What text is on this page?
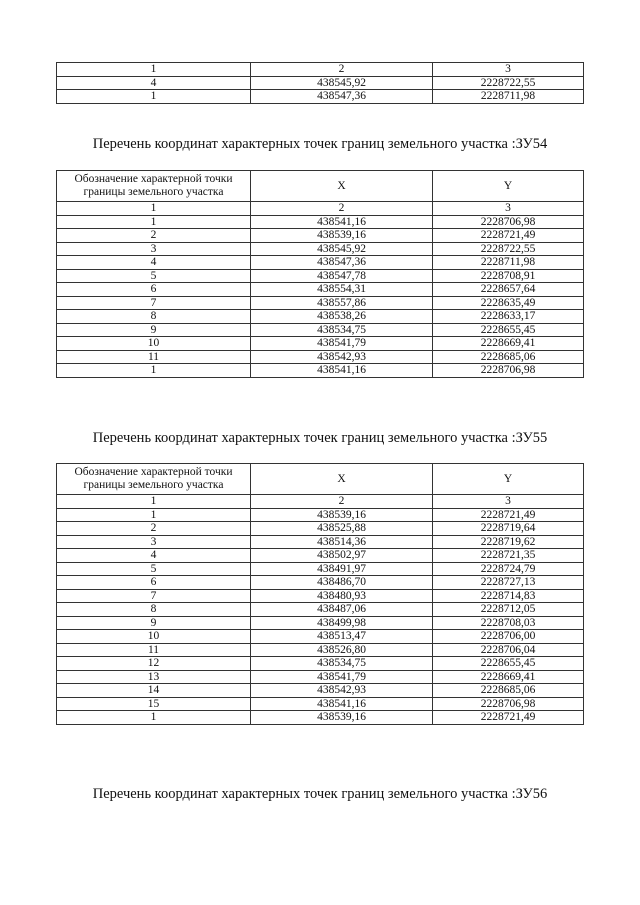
1	2	3
4	438545,92	2228722,55
1	438547,36	2228711,98
Перечень координат характерных точек границ земельного участка :ЗУ54
Обозначение характерной точки границы земельного участка	X	Y
1	2	3
1	438541,16	2228706,98
2	438539,16	2228721,49
3	438545,92	2228722,55
4	438547,36	2228711,98
5	438547,78	2228708,91
6	438554,31	2228657,64
7	438557,86	2228635,49
8	438538,26	2228633,17
9	438534,75	2228655,45
10	438541,79	2228669,41
11	438542,93	2228685,06
1	438541,16	2228706,98
Перечень координат характерных точек границ земельного участка :ЗУ55
Обозначение характерной точки границы земельного участка	X	Y
1	2	3
1	438539,16	2228721,49
2	438525,88	2228719,64
3	438514,36	2228719,62
4	438502,97	2228721,35
5	438491,97	2228724,79
6	438486,70	2228727,13
7	438480,93	2228714,83
8	438487,06	2228712,05
9	438499,98	2228708,03
10	438513,47	2228706,00
11	438526,80	2228706,04
12	438534,75	2228655,45
13	438541,79	2228669,41
14	438542,93	2228685,06
15	438541,16	2228706,98
1	438539,16	2228721,49
Перечень координат характерных точек границ земельного участка :ЗУ56
